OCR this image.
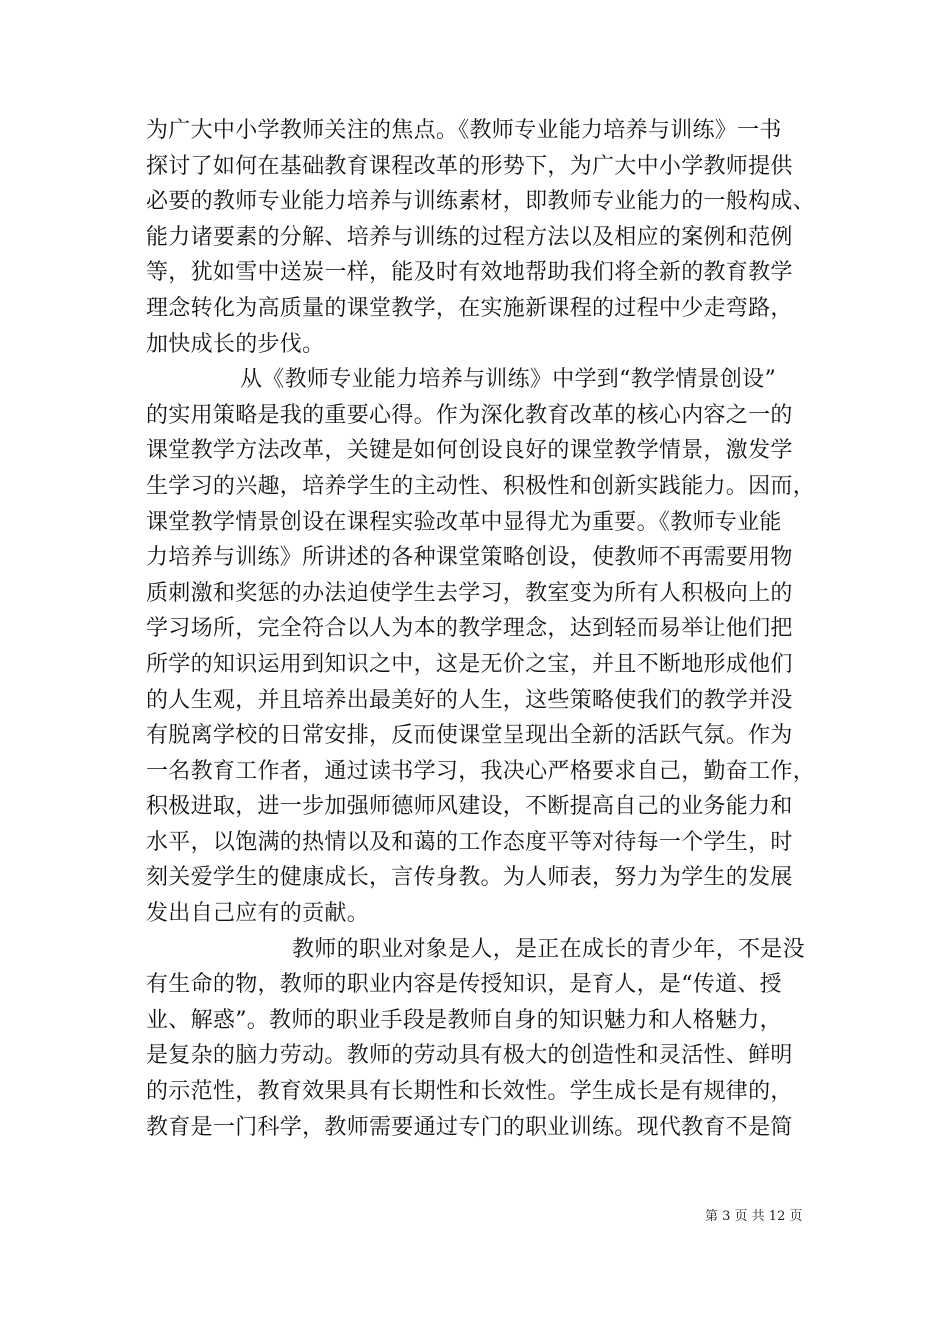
为广大中小学教师关注的焦点。《教师专业能力培养与训练》一书
探讨了如何在基础教育课程改革的形势下，为广大中小学教师提供
必要的教师专业能力培养与训练素材，即教师专业能力的一般构成、
能力诸要素的分解、培养与训练的过程方法以及相应的案例和范例
等，犹如雪中送炭一样，能及时有效地帮助我们将全新的教育教学
理念转化为高质量的课堂教学，在实施新课程的过程中少走弯路，
加快成长的步伐。
从《教师专业能力培养与训练》中学到“教学情景创设”
的实用策略是我的重要心得。作为深化教育改革的核心内容之一的
课堂教学方法改革，关键是如何创设良好的课堂教学情景，激发学
生学习的兴趣，培养学生的主动性、积极性和创新实践能力。因而，
课堂教学情景创设在课程实验改革中显得尤为重要。《教师专业能
力培养与训练》所讲述的各种课堂策略创设，使教师不再需要用物
质刺激和奖惩的办法迫使学生去学习，教室变为所有人积极向上的
学习场所，完全符合以人为本的教学理念，达到轻而易举让他们把
所学的知识运用到知识之中，这是无价之宝，并且不断地形成他们
的人生观，并且培养出最美好的人生，这些策略使我们的教学并没
有脱离学校的日常安排，反而使课堂呈现出全新的活跃气氛。作为
一名教育工作者，通过读书学习，我决心严格要求自己，勤奋工作，
积极进取，进一步加强师德师风建设，不断提高自己的业务能力和
水平，以饱满的热情以及和蔼的工作态度平等对待每一个学生，时
刻关爱学生的健康成长，言传身教。为人师表，努力为学生的发展
发出自己应有的贡献。
教师的职业对象是人，是正在成长的青少年，不是没
有生命的物，教师的职业内容是传授知识，是育人，是“传道、授
业、解惑”。教师的职业手段是教师自身的知识魅力和人格魅力，
是复杂的脑力劳动。教师的劳动具有极大的创造性和灵活性、鲜明
的示范性，教育效果具有长期性和长效性。学生成长是有规律的，
教育是一门科学，教师需要通过专门的职业训练。现代教育不是简
第 3 页 共 12 页
